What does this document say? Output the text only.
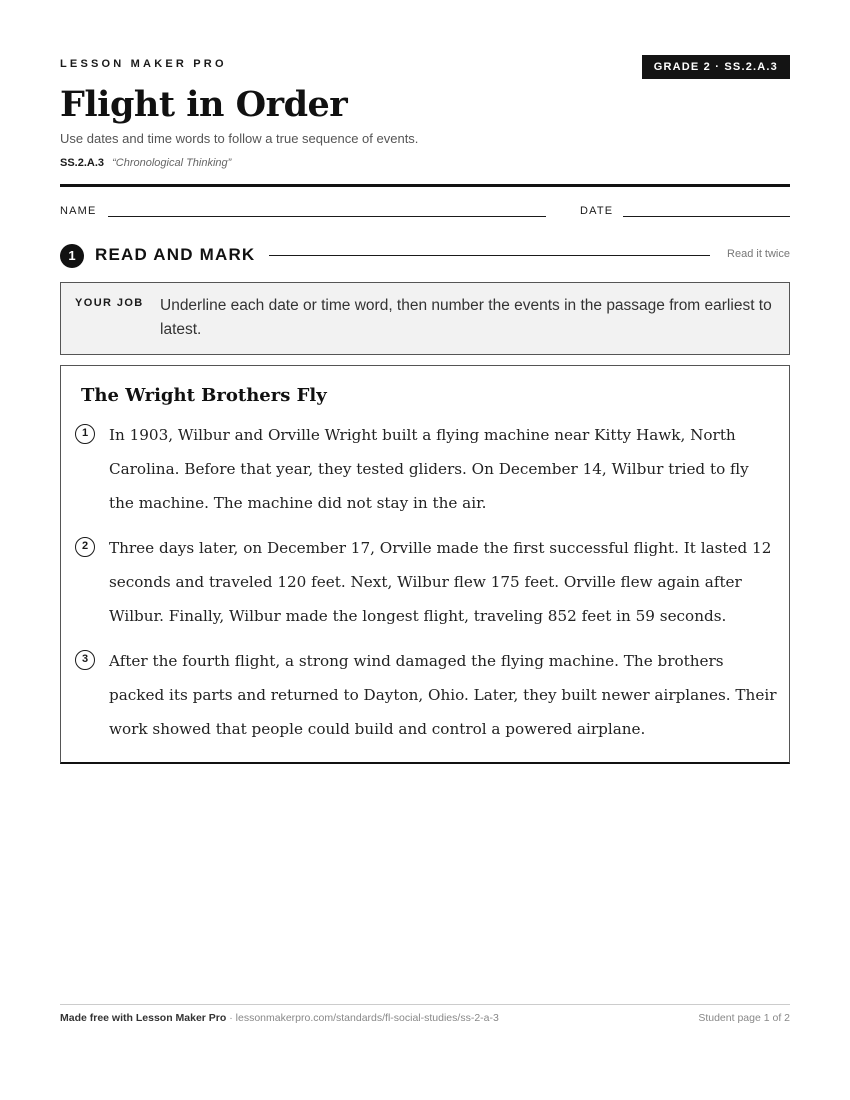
LESSON MAKER PRO	GRADE 2 · SS.2.A.3
Flight in Order
Use dates and time words to follow a true sequence of events.
SS.2.A.3 “Chronological Thinking”
NAME	DATE
1	READ AND MARK	Read it twice
YOUR JOB Underline each date or time word, then number the events in the passage from earliest to latest.
The Wright Brothers Fly
1	In 1903, Wilbur and Orville Wright built a flying machine near Kitty Hawk, North Carolina. Before that year, they tested gliders. On December 14, Wilbur tried to fly the machine. The machine did not stay in the air.
2	Three days later, on December 17, Orville made the first successful flight. It lasted 12 seconds and traveled 120 feet. Next, Wilbur flew 175 feet. Orville flew again after Wilbur. Finally, Wilbur made the longest flight, traveling 852 feet in 59 seconds.
3	After the fourth flight, a strong wind damaged the flying machine. The brothers packed its parts and returned to Dayton, Ohio. Later, they built newer airplanes. Their work showed that people could build and control a powered airplane.
Made free with Lesson Maker Pro · lessonmakerpro.com/standards/fl-social-studies/ss-2-a-3	Student page 1 of 2
